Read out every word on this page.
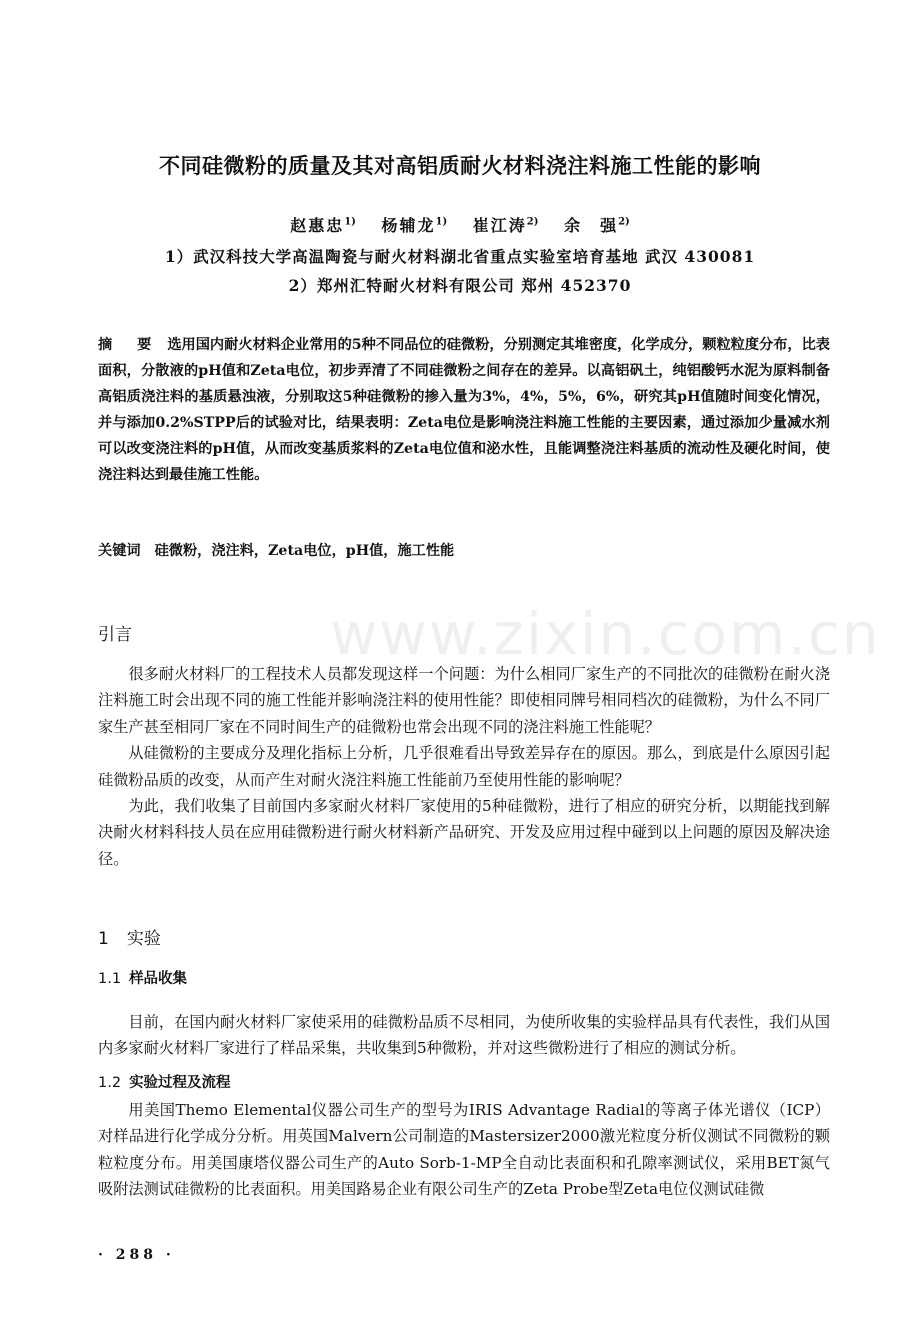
www.zixin.com.cn
不同硅微粉的质量及其对高铝质耐火材料浇注料施工性能的影响
赵惠忠$^{1)}$ 杨辅龙$^{1)}$ 崔江涛$^{2)}$ 余　强$^{2)}$
1）武汉科技大学高温陶瓷与耐火材料湖北省重点实验室培育基地 武汉 430081
2）郑州汇特耐火材料有限公司 郑州 452370
摘 要 选用国内耐火材料企业常用的5种不同品位的硅微粉，分别测定其堆密度，化学成分，颗粒粒度分布，比表面积，分散液的pH值和Zeta电位，初步弄清了不同硅微粉之间存在的差异。以高铝矾土，纯铝酸钙水泥为原料制备高铝质浇注料的基质悬浊液，分别取这5种硅微粉的掺入量为3%，4%，5%，6%，研究其pH值随时间变化情况，并与添加0.2%STPP后的试验对比，结果表明：Zeta电位是影响浇注料施工性能的主要因素，通过添加少量减水剂可以改变浇注料的pH值，从而改变基质浆料的Zeta电位值和泌水性，且能调整浇注料基质的流动性及硬化时间，使浇注料达到最佳施工性能。
关键词 硅微粉，浇注料，Zeta电位，pH值，施工性能
引言

很多耐火材料厂的工程技术人员都发现这样一个问题：为什么相同厂家生产的不同批次的硅微粉在耐火浇注料施工时会出现不同的施工性能并影响浇注料的使用性能？即使相同牌号相同档次的硅微粉，为什么不同厂家生产甚至相同厂家在不同时间生产的硅微粉也常会出现不同的浇注料施工性能呢？

从硅微粉的主要成分及理化指标上分析，几乎很难看出导致差异存在的原因。那么，到底是什么原因引起硅微粉品质的改变，从而产生对耐火浇注料施工性能前乃至使用性能的影响呢？

为此，我们收集了目前国内多家耐火材料厂家使用的5种硅微粉，进行了相应的研究分析，以期能找到解决耐火材料科技人员在应用硅微粉进行耐火材料新产品研究、开发及应用过程中碰到以上问题的原因及解决途径。

1 实验
1.1 样品收集

目前，在国内耐火材料厂家使采用的硅微粉品质不尽相同，为使所收集的实验样品具有代表性，我们从国内多家耐火材料厂家进行了样品采集，共收集到5种微粉，并对这些微粉进行了相应的测试分析。

1.2 实验过程及流程

用美国Themo Elemental仪器公司生产的型号为IRIS Advantage Radial的等离子体光谱仪（ICP）对样品进行化学成分分析。用英国Malvern公司制造的Mastersizer2000激光粒度分析仪测试不同微粉的颗粒粒度分布。用美国康塔仪器公司生产的Auto Sorb-1-MP全自动比表面积和孔隙率测试仪，采用BET氮气吸附法测试硅微粉的比表面积。用美国路易企业有限公司生产的Zeta Probe型Zeta电位仪测试硅微

· 288 ·
